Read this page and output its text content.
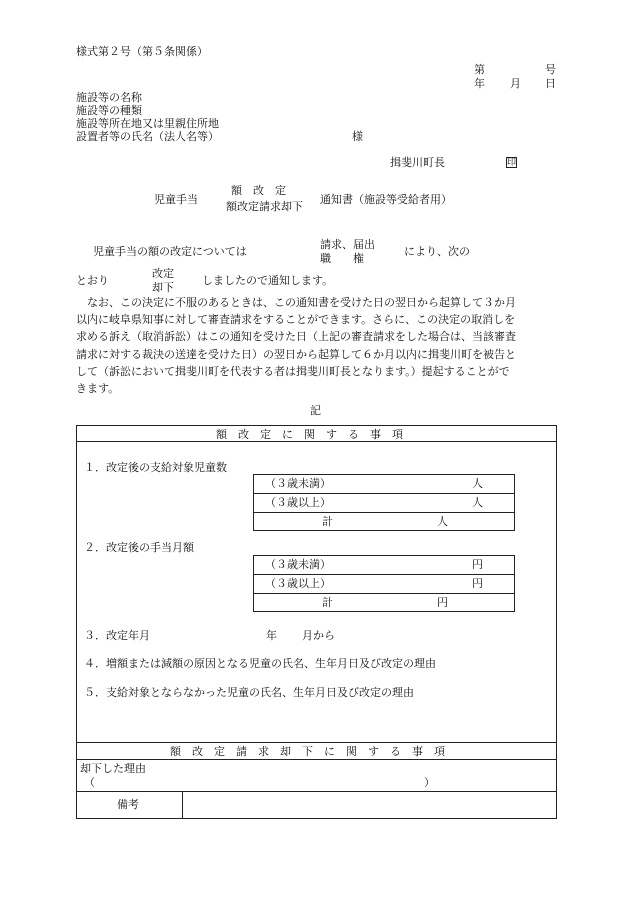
様式第２号（第５条関係）
第	号
年 月 日
施設等の名称
施設等の種類
施設等所在地又は里親住所地
設置者等の氏名（法人名等）	様
揖斐川町長	印
児童手当
額　改　定
額改定請求却下
通知書（施設等受給者用）
児童手当の額の改定については
請求、届出
職　　権
により、次の
とおり
改定
却下
しましたので通知します。
なお、この決定に不服のあるときは、この通知書を受けた日の翌日から起算して３か月
以内に岐阜県知事に対して審査請求をすることができます。さらに、この決定の取消しを
求める訴え（取消訴訟）はこの通知を受けた日（上記の審査請求をした場合は、当該審査
請求に対する裁決の送達を受けた日）の翌日から起算して６か月以内に揖斐川町を被告と
して（訴訟において揖斐川町を代表する者は揖斐川町長となります。）提起することがで
きます。
記
額　改　定　に　関　す　る　事　項
１．改定後の支給対象児童数
（３歳未満）	人
（３歳以上）	人
計	人
２．改定後の手当月額
（３歳未満）	円
（３歳以上）	円
計	円
３．改定年月	年 月から
４．増額または減額の原因となる児童の氏名、生年月日及び改定の理由
５．支給対象とならなかった児童の氏名、生年月日及び改定の理由
額　改　定　請　求　却　下　に　関　す　る　事　項
却下した理由
（	）
備考
